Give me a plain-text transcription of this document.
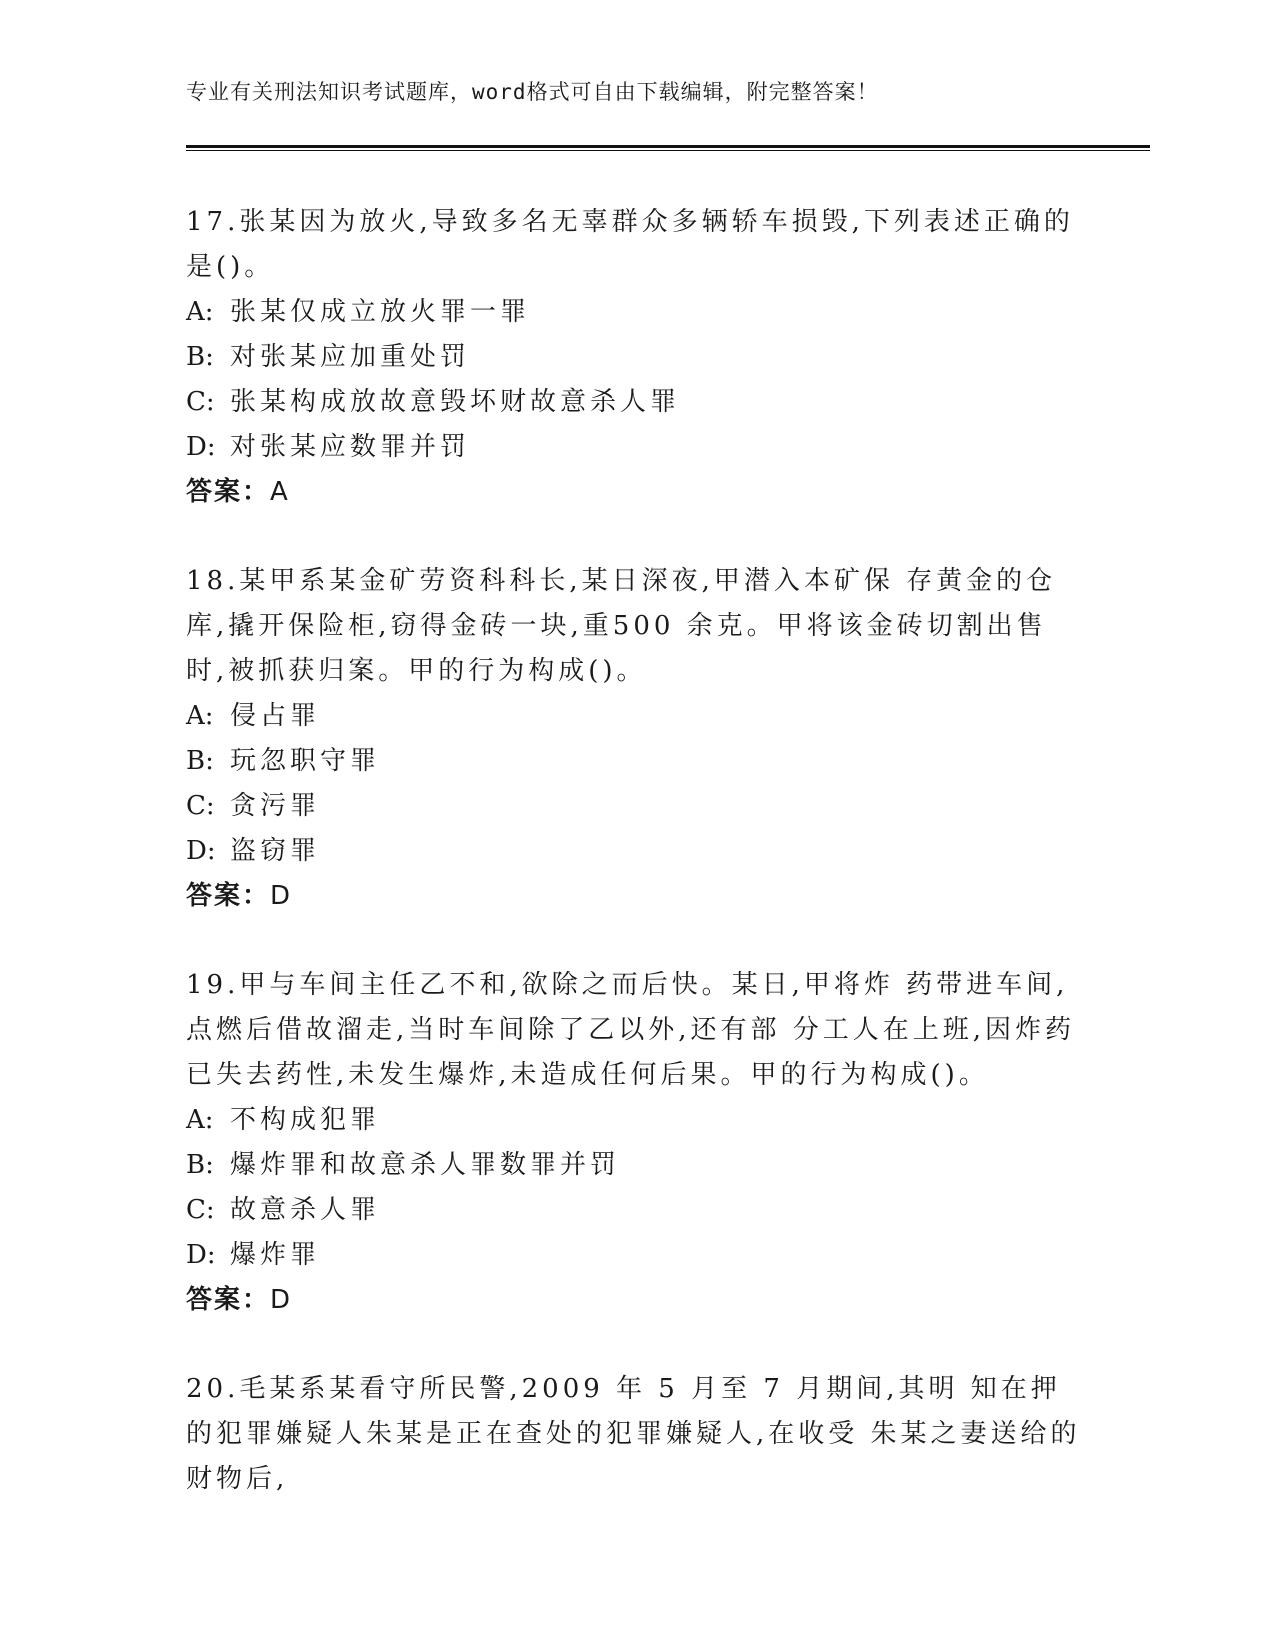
专业有关刑法知识考试题库，word格式可自由下载编辑，附完整答案！

17.张某因为放火,导致多名无辜群众多辆轿车损毁,下列表述正确的是()。

A: 张某仅成立放火罪一罪
B: 对张某应加重处罚
C: 张某构成放故意毁坏财故意杀人罪
D: 对张某应数罪并罚
答案：A

18.某甲系某金矿劳资科科长,某日深夜,甲潜入本矿保 存黄金的仓库,撬开保险柜,窃得金砖一块,重500 余克。甲将该金砖切割出售时,被抓获归案。甲的行为构成()。

A: 侵占罪
B: 玩忽职守罪
C: 贪污罪
D: 盗窃罪
答案：D

19.甲与车间主任乙不和,欲除之而后快。某日,甲将炸 药带进车间,点燃后借故溜走,当时车间除了乙以外,还有部 分工人在上班,因炸药已失去药性,未发生爆炸,未造成任何后果。甲的行为构成()。

A: 不构成犯罪
B: 爆炸罪和故意杀人罪数罪并罚
C: 故意杀人罪
D: 爆炸罪
答案：D

20.毛某系某看守所民警,2009 年 5 月至 7 月期间,其明 知在押的犯罪嫌疑人朱某是正在查处的犯罪嫌疑人,在收受 朱某之妻送给的财物后,
